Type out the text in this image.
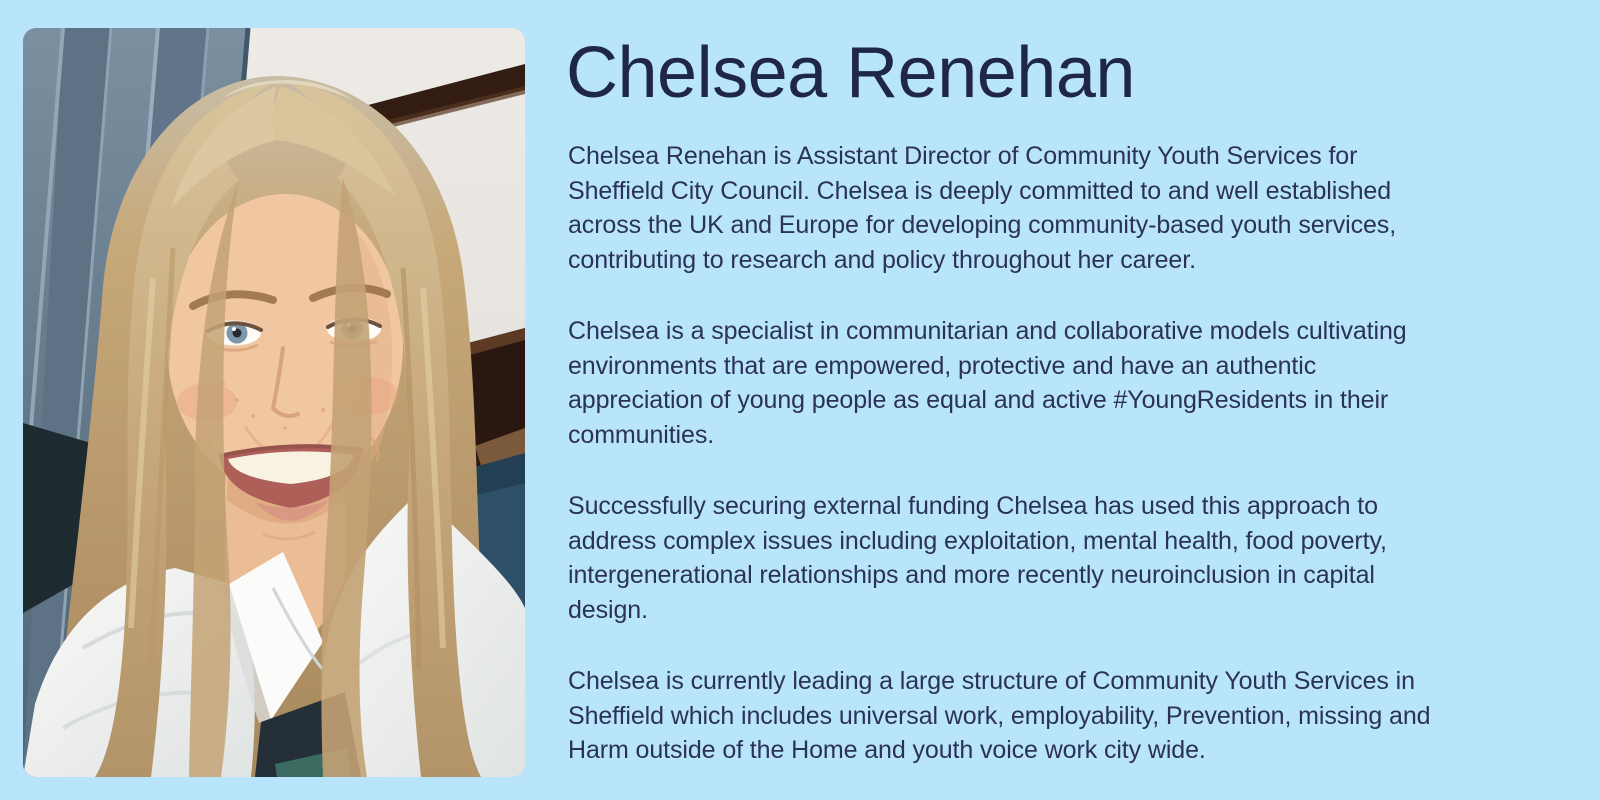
Chelsea Renehan
Chelsea Renehan is Assistant Director of Community Youth Services for
Sheffield City Council. Chelsea is deeply committed to and well established
across the UK and Europe for developing community-based youth services,
contributing to research and policy throughout her career.
Chelsea is a specialist in communitarian and collaborative models cultivating
environments that are empowered, protective and have an authentic
appreciation of young people as equal and active #YoungResidents in their
communities.
Successfully securing external funding Chelsea has used this approach to
address complex issues including exploitation, mental health, food poverty,
intergenerational relationships and more recently neuroinclusion in capital
design.
Chelsea is currently leading a large structure of Community Youth Services in
Sheffield which includes universal work, employability, Prevention, missing and
Harm outside of the Home and youth voice work city wide.
